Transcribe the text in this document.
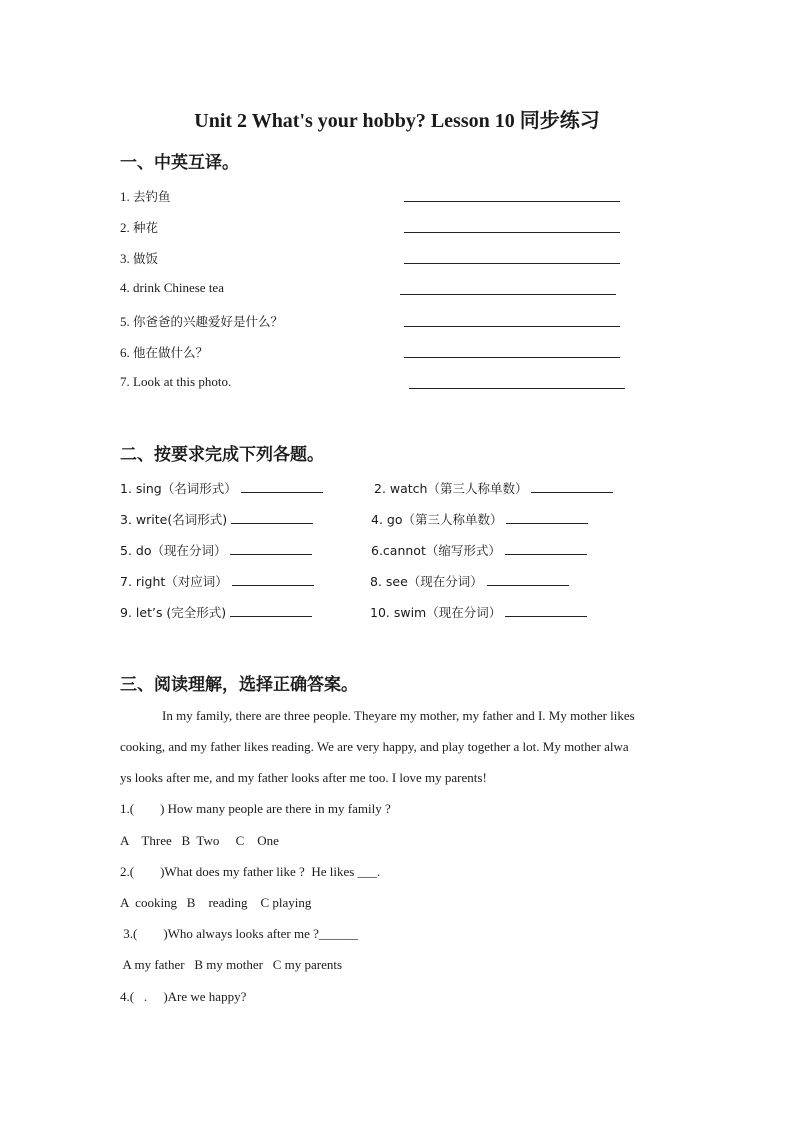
Unit 2 What's your hobby? Lesson 10 同步练习
一、中英互译。
1. 去钓鱼
2. 种花
3. 做饭
4. drink Chinese tea
5. 你爸爸的兴趣爱好是什么？
6. 他在做什么？
7. Look at this photo.
二、按要求完成下列各题。
1. sing（名词形式）	2. watch（第三人称单数）
3. write(名词形式)	4. go（第三人称单数）
5. do（现在分词）	6.cannot（缩写形式）
7. right（对应词）	8. see（现在分词）
9. let’s (完全形式)	10. swim（现在分词）
三、阅读理解，选择正确答案。
In my family, there are three people. Theyare my mother, my father and I. My mother likes
cooking, and my father likes reading. We are very happy, and play together a lot. My mother alwa
ys looks after me, and my father looks after me too. I love my parents!
1.(        ) How many people are there in my family ?
A    Three   B  Two     C    One
2.(        )What does my father like ?  He likes ___.
A  cooking   B    reading    C playing
3.(        )Who always looks after me ?______
A my father   B my mother   C my parents
4.(   .     )Are we happy?
